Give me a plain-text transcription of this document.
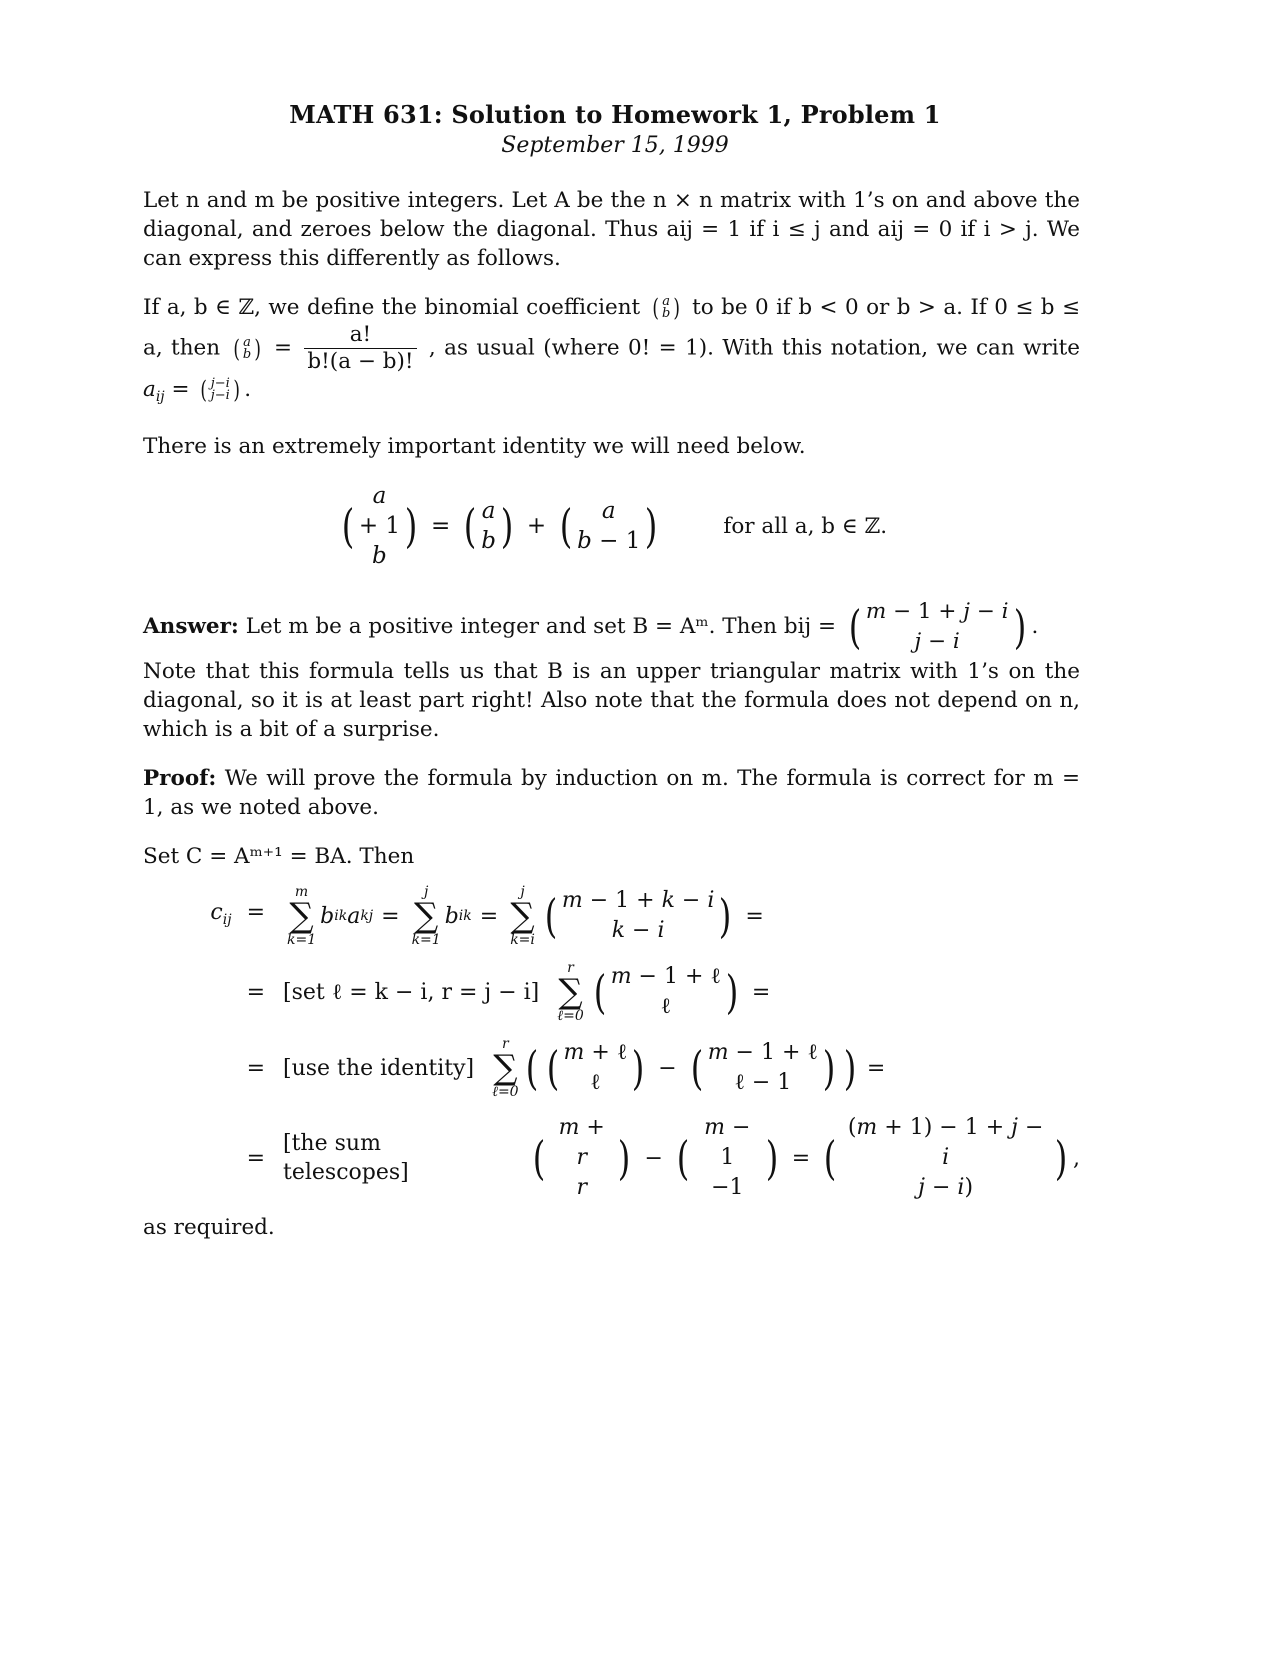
MATH 631: Solution to Homework 1, Problem 1
September 15, 1999

Let n and m be positive integers. Let A be the n × n matrix with 1’s on and above the diagonal, and zeroes below the diagonal. Thus aij = 1 if i ≤ j and aij = 0 if i > j. We can express this differently as follows.

If a, b ∈ ℤ, we define the binomial coefficient ( a
b ) to be 0 if b < 0 or b > a. If 0 ≤ b ≤ a, then ( a
b ) = $\frac{a!}{b!(a - b)!}$ , as usual (where 0! = 1). With this notation, we can write $a_{ij}$ = ( j−i
j−i ) .

There is an extremely important identity we will need below.

(
a
+ 1
b
) = ( a
b ) + (	a
b − 1 )	for all a, b ∈ ℤ.

Answer: Let m be a positive integer and set B = Aᵐ. Then bij = ( m − 1 + j − i
j − i	) .
Note that this formula tells us that B is an upper triangular matrix with 1’s on the diagonal, so it is at least part right! Also note that the formula does not depend on n, which is a bit of a surprise.

Proof: We will prove the formula by induction on m. The formula is correct for m = 1, as we noted above.

Set C = Aᵐ⁺¹ = BA. Then

$c_{ij}$ =
m
∑
k=1
b ik a kj =
j
∑
k=1
b ik =
j
∑
k=i ( m − 1 + k − i
k − i	) =
= [set ℓ = k − i, r = j − i]

r
∑
ℓ=0 ( m − 1 + ℓ
ℓ	) =
= [use the identity]

r
∑
ℓ=0 ( ( m + ℓ
ℓ ) − ( m − 1 + ℓ
ℓ − 1 ) ) =
=
[the sum telescopes]
	(
m + r
r
) − (
m − 1
−1
) = (
(m + 1) − 1 + j − i
j − i)
) ,

as required.
